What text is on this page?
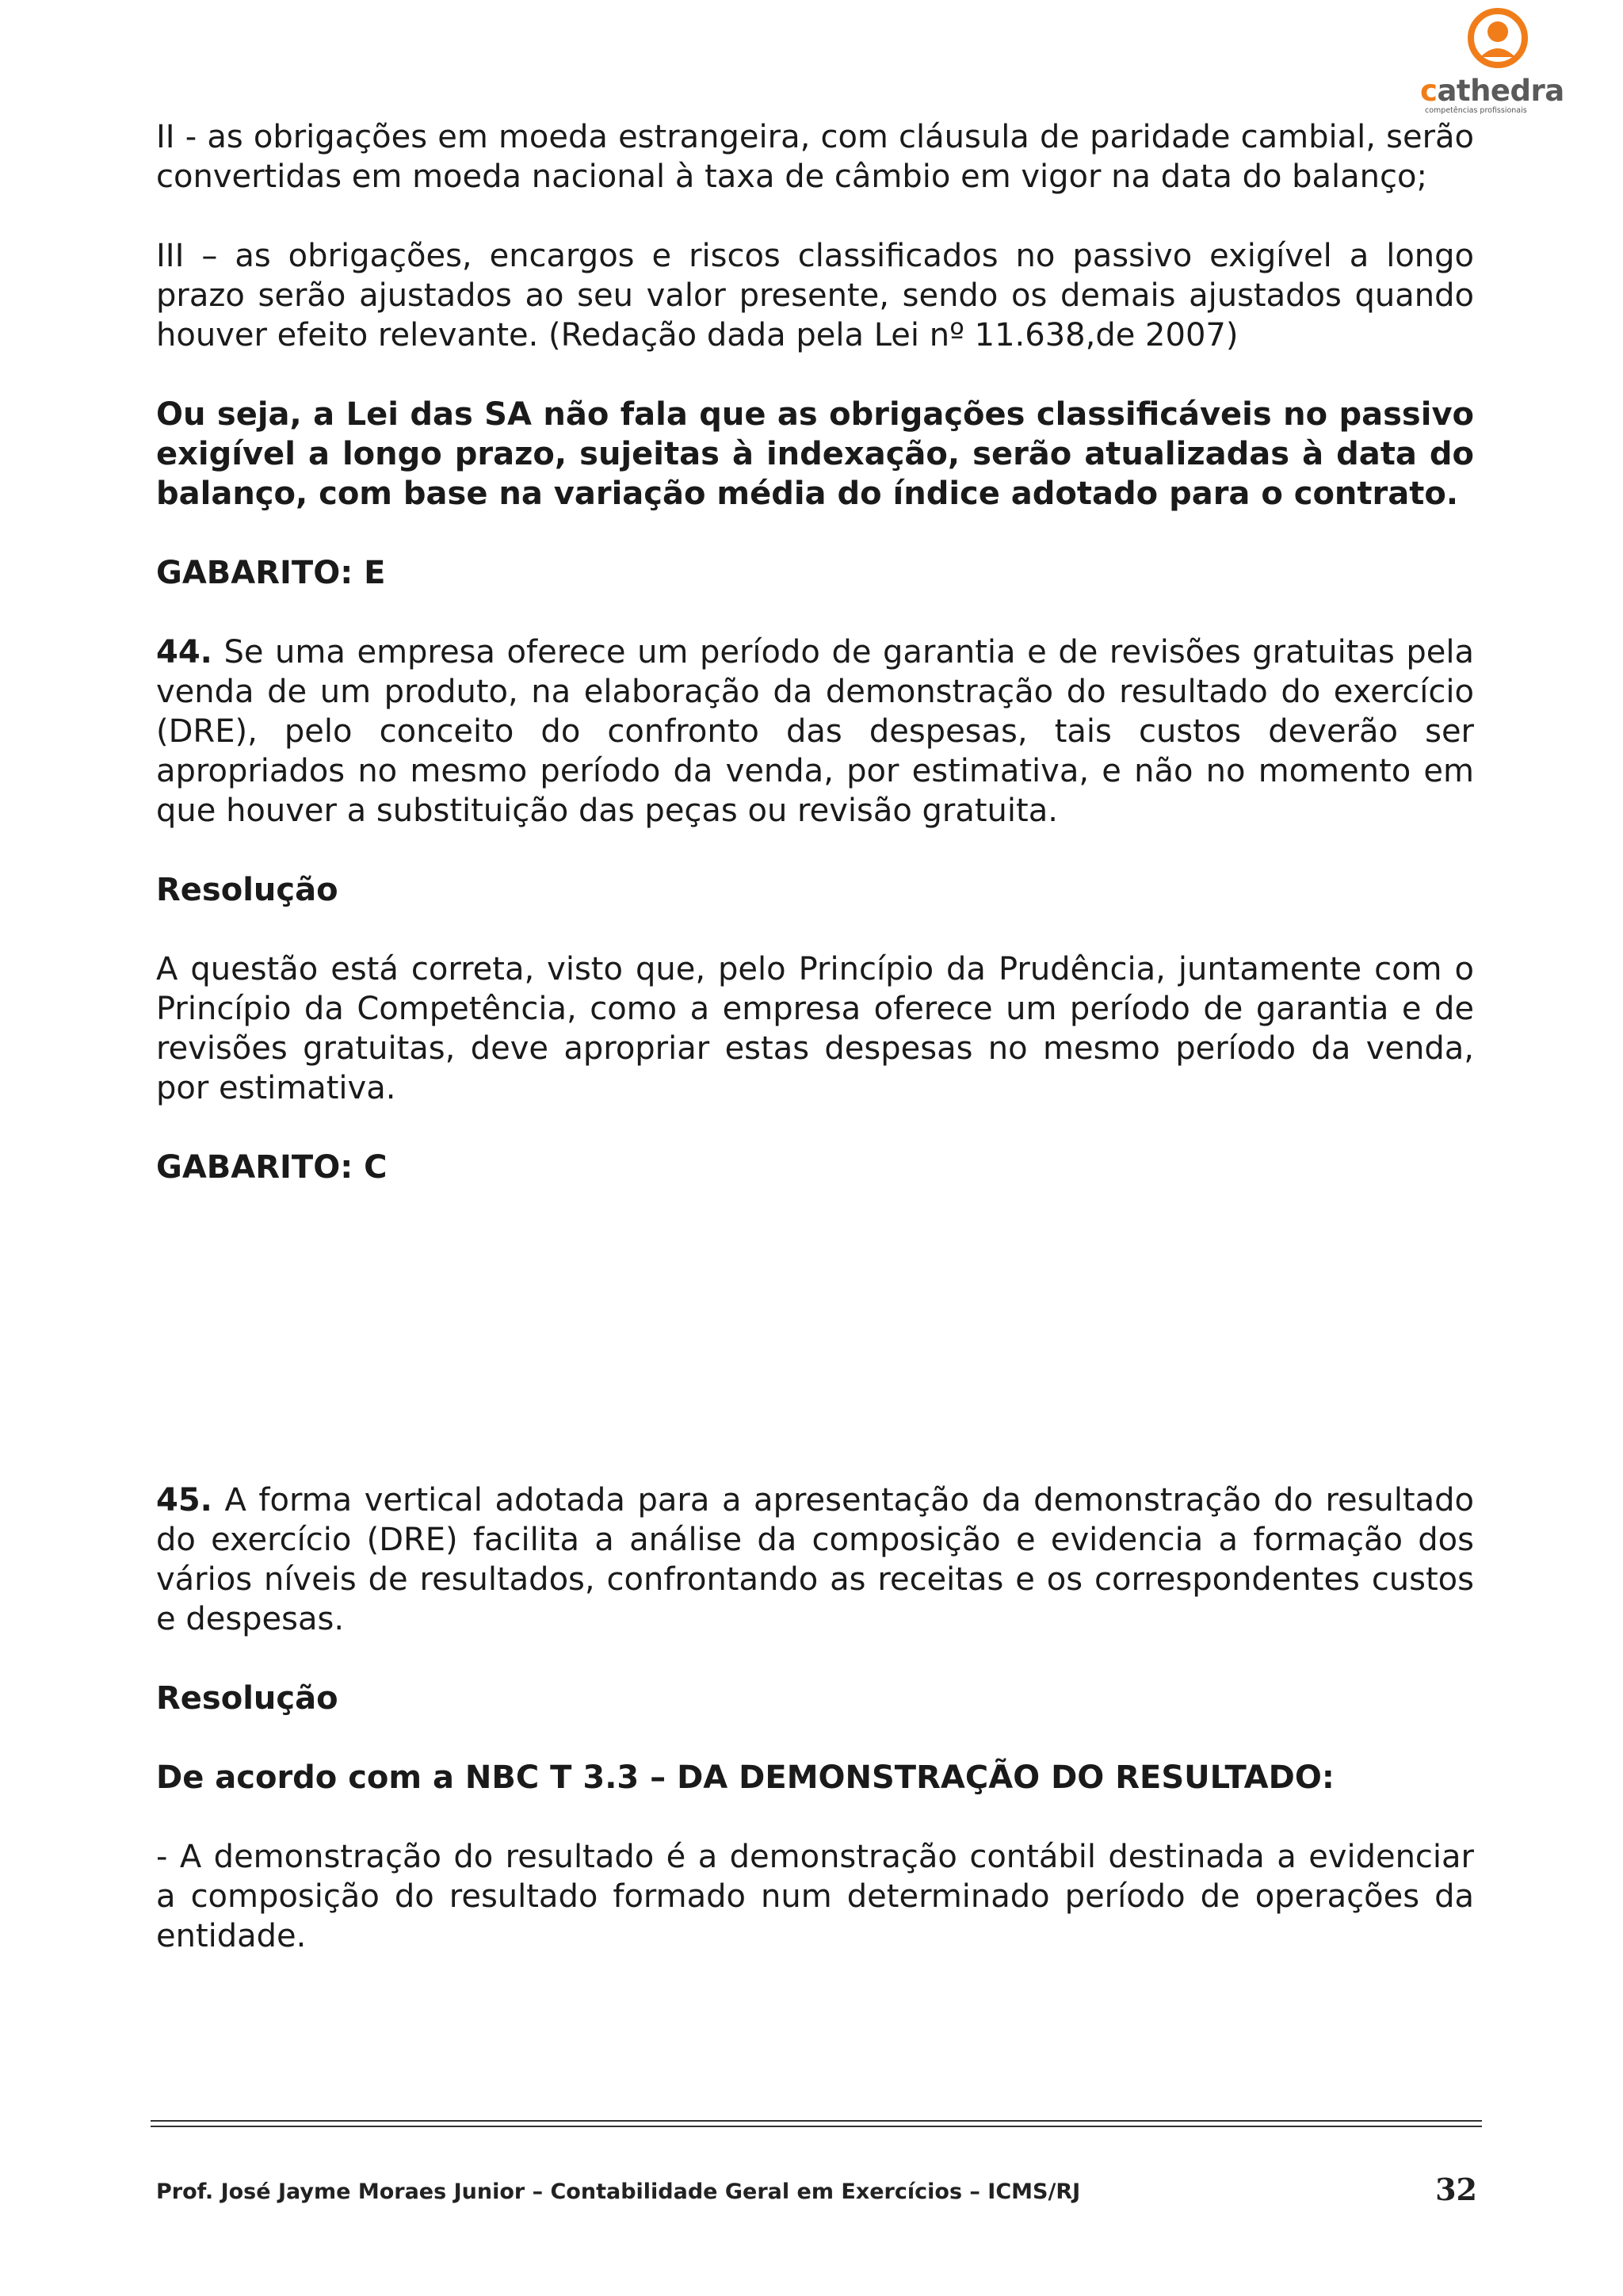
cathedra
competências profissionais

II - as obrigações em moeda estrangeira, com cláusula de paridade cambial, serão convertidas em moeda nacional à taxa de câmbio em vigor na data do balanço;

III – as obrigações, encargos e riscos classificados no passivo exigível a longo prazo serão ajustados ao seu valor presente, sendo os demais ajustados quando houver efeito relevante. (Redação dada pela Lei nº 11.638,de 2007)

Ou seja, a Lei das SA não fala que as obrigações classificáveis no passivo exigível a longo prazo, sujeitas à indexação, serão atualizadas à data do balanço, com base na variação média do índice adotado para o contrato.

GABARITO: E

44. Se uma empresa oferece um período de garantia e de revisões gratuitas pela venda de um produto, na elaboração da demonstração do resultado do exercício (DRE), pelo conceito do confronto das despesas, tais custos deverão ser apropriados no mesmo período da venda, por estimativa, e não no momento em que houver a substituição das peças ou revisão gratuita.

Resolução

A questão está correta, visto que, pelo Princípio da Prudência, juntamente com o Princípio da Competência, como a empresa oferece um período de garantia e de revisões gratuitas, deve apropriar estas despesas no mesmo período da venda, por estimativa.

GABARITO: C

45. A forma vertical adotada para a apresentação da demonstração do resultado do exercício (DRE) facilita a análise da composição e evidencia a formação dos vários níveis de resultados, confrontando as receitas e os correspondentes custos e despesas.

Resolução

De acordo com a NBC T 3.3 – DA DEMONSTRAÇÃO DO RESULTADO:

- A demonstração do resultado é a demonstração contábil destinada a evidenciar a composição do resultado formado num determinado período de operações da entidade.

Prof. José Jayme Moraes Junior – Contabilidade Geral em Exercícios – ICMS/RJ	32
